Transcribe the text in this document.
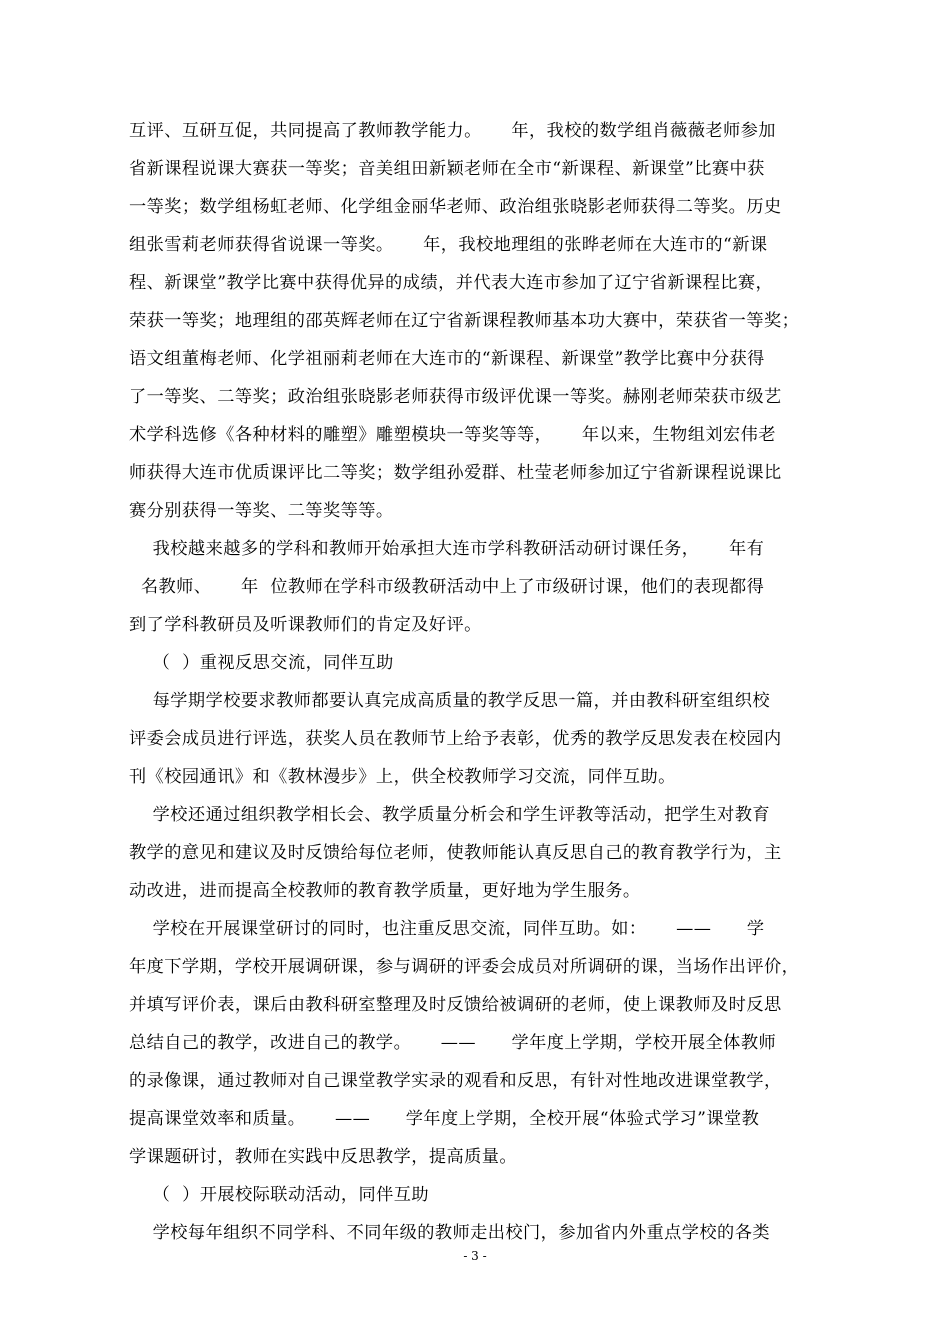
互评、互研互促，共同提高了教师教学能力。     年，我校的数学组肖薇薇老师参加
省新课程说课大赛获一等奖；音美组田新颖老师在全市“新课程、新课堂”比赛中获
一等奖；数学组杨虹老师、化学组金丽华老师、政治组张晓影老师获得二等奖。历史
组张雪莉老师获得省说课一等奖。     年，我校地理组的张晔老师在大连市的“新课
程、新课堂”教学比赛中获得优异的成绩，并代表大连市参加了辽宁省新课程比赛，
荣获一等奖；地理组的邵英辉老师在辽宁省新课程教师基本功大赛中，荣获省一等奖；
语文组董梅老师、化学祖丽莉老师在大连市的“新课程、新课堂”教学比赛中分获得
了一等奖、二等奖；政治组张晓影老师获得市级评优课一等奖。赫刚老师荣获市级艺
术学科选修《各种材料的雕塑》雕塑模块一等奖等等，     年以来，生物组刘宏伟老
师获得大连市优质课评比二等奖；数学组孙爱群、杜莹老师参加辽宁省新课程说课比
赛分别获得一等奖、二等奖等等。
我校越来越多的学科和教师开始承担大连市学科教研活动研讨课任务，     年有
名教师、     年  位教师在学科市级教研活动中上了市级研讨课，他们的表现都得
到了学科教研员及听课教师们的肯定及好评。
（  ）重视反思交流，同伴互助
每学期学校要求教师都要认真完成高质量的教学反思一篇，并由教科研室组织校
评委会成员进行评选，获奖人员在教师节上给予表彰，优秀的教学反思发表在校园内
刊《校园通讯》和《教林漫步》上，供全校教师学习交流，同伴互助。
学校还通过组织教学相长会、教学质量分析会和学生评教等活动，把学生对教育
教学的意见和建议及时反馈给每位老师，使教师能认真反思自己的教育教学行为，主
动改进，进而提高全校教师的教育教学质量，更好地为学生服务。
学校在开展课堂研讨的同时，也注重反思交流，同伴互助。如：     ——      学
年度下学期，学校开展调研课，参与调研的评委会成员对所调研的课，当场作出评价，
并填写评价表，课后由教科研室整理及时反馈给被调研的老师，使上课教师及时反思
总结自己的教学，改进自己的教学。     ——      学年度上学期，学校开展全体教师
的录像课，通过教师对自己课堂教学实录的观看和反思，有针对性地改进课堂教学，
提高课堂效率和质量。     ——      学年度上学期，全校开展“体验式学习”课堂教
学课题研讨，教师在实践中反思教学，提高质量。
（  ）开展校际联动活动，同伴互助
学校每年组织不同学科、不同年级的教师走出校门，参加省内外重点学校的各类
- 3 -
